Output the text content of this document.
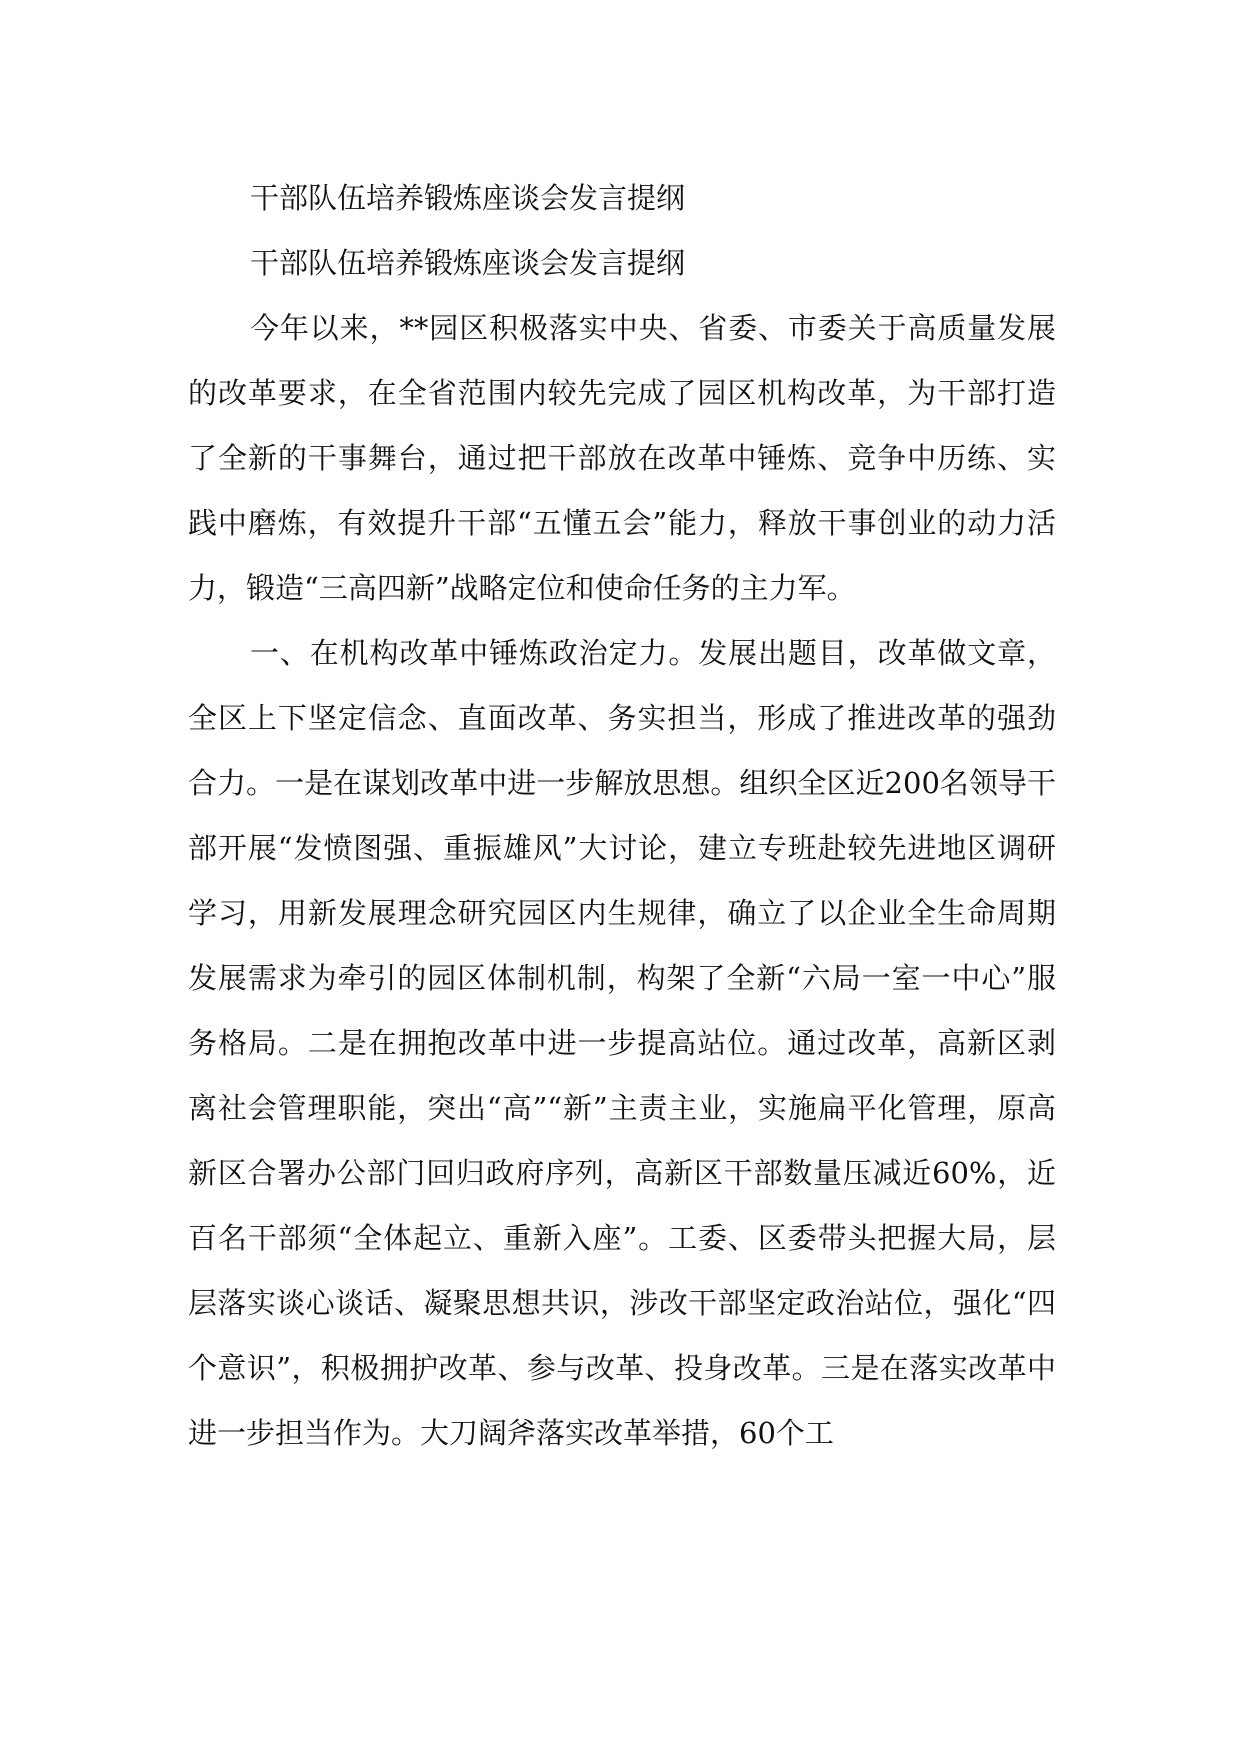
干部队伍培养锻炼座谈会发言提纲

干部队伍培养锻炼座谈会发言提纲

今年以来，**园区积极落实中央、省委、市委关于高质量发展的改革要求，在全省范围内较先完成了园区机构改革，为干部打造了全新的干事舞台，通过把干部放在改革中锤炼、竞争中历练、实践中磨炼，有效提升干部“五懂五会”能力，释放干事创业的动力活力，锻造“三高四新”战略定位和使命任务的主力军。

一、在机构改革中锤炼政治定力。发展出题目，改革做文章，全区上下坚定信念、直面改革、务实担当，形成了推进改革的强劲合力。一是在谋划改革中进一步解放思想。组织全区近200名领导干部开展“发愤图强、重振雄风”大讨论，建立专班赴较先进地区调研学习，用新发展理念研究园区内生规律，确立了以企业全生命周期发展需求为牵引的园区体制机制，构架了全新“六局一室一中心”服务格局。二是在拥抱改革中进一步提高站位。通过改革，高新区剥离社会管理职能，突出“高”“新”主责主业，实施扁平化管理，原高新区合署办公部门回归政府序列，高新区干部数量压减近60%，近百名干部须“全体起立、重新入座”。工委、区委带头把握大局，层层落实谈心谈话、凝聚思想共识，涉改干部坚定政治站位，强化“四个意识”，积极拥护改革、参与改革、投身改革。三是在落实改革中进一步担当作为。大刀阔斧落实改革举措，60个工
